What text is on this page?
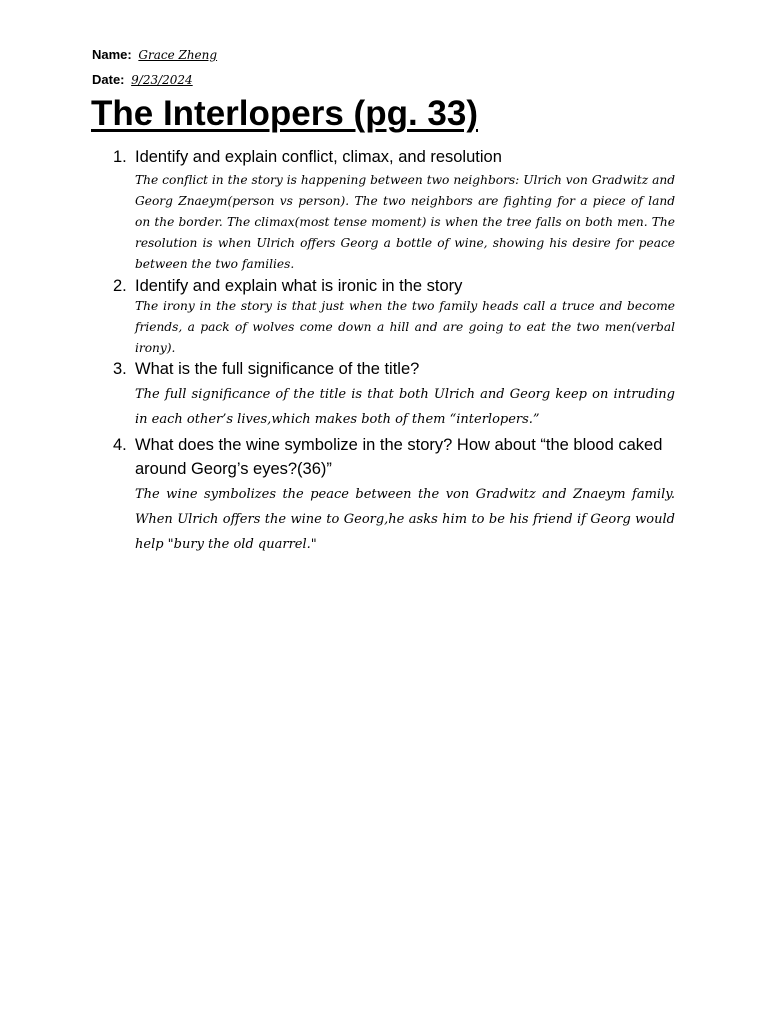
Name: Grace Zheng
Date: 9/23/2024
The Interlopers (pg. 33)
1. Identify and explain conflict, climax, and resolution
The conflict in the story is happening between two neighbors: Ulrich von Gradwitz and Georg Znaeym(person vs person). The two neighbors are fighting for a piece of land on the border. The climax(most tense moment) is when the tree falls on both men. The resolution is when Ulrich offers Georg a bottle of wine, showing his desire for peace between the two families.
2. Identify and explain what is ironic in the story
The irony in the story is that just when the two family heads call a truce and become friends, a pack of wolves come down a hill and are going to eat the two men(verbal irony).
3. What is the full significance of the title?
The full significance of the title is that both Ulrich and Georg keep on intruding in each other’s lives,which makes both of them “interlopers.”
4. What does the wine symbolize in the story? How about “the blood caked around Georg’s eyes?(36)”
The wine symbolizes the peace between the von Gradwitz and Znaeym family. When Ulrich offers the wine to Georg,he asks him to be his friend if Georg would help "bury the old quarrel."
